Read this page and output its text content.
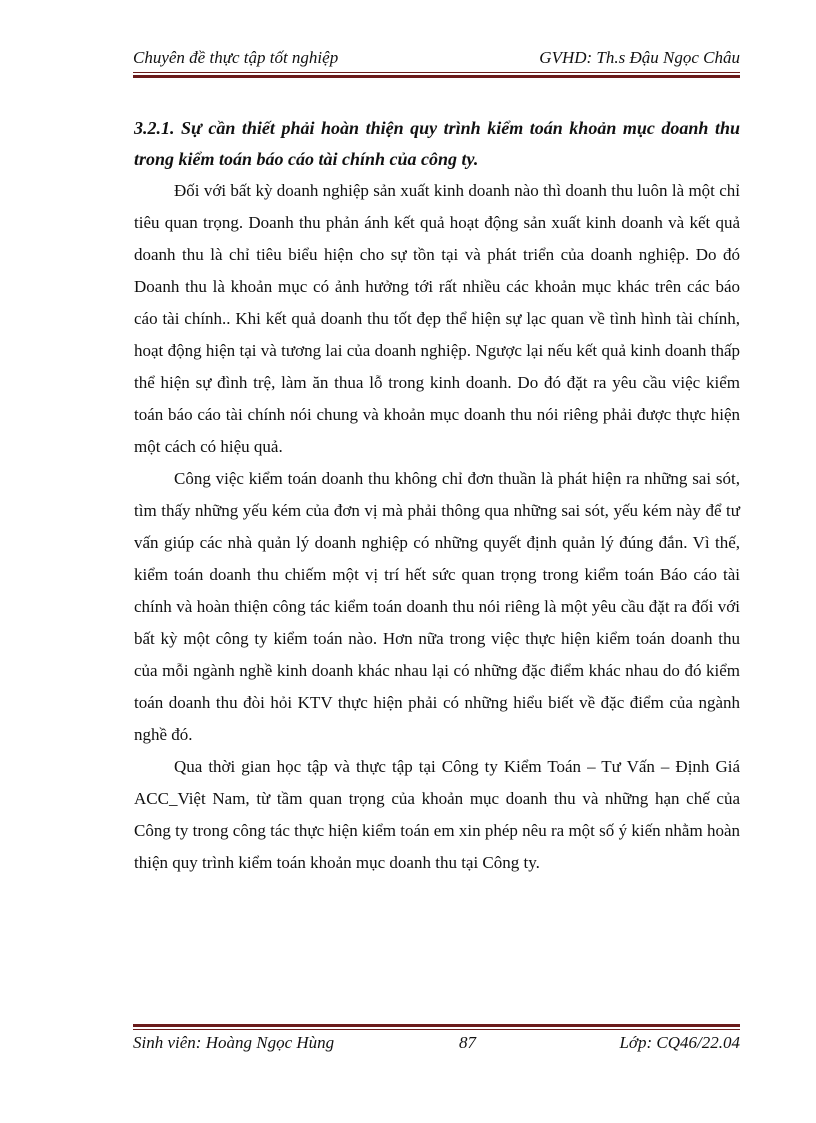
Chuyên đề thực tập tốt nghiệp	GVHD: Th.s Đậu Ngọc Châu

3.2.1. Sự cần thiết phải hoàn thiện quy trình kiểm toán khoản mục doanh thu trong kiểm toán báo cáo tài chính của công ty.

Đối với bất kỳ doanh nghiệp sản xuất kinh doanh nào thì doanh thu luôn là một chỉ tiêu quan trọng. Doanh thu phản ánh kết quả hoạt động sản xuất kinh doanh và kết quả doanh thu là chỉ tiêu biểu hiện cho sự tồn tại và phát triển của doanh nghiệp. Do đó Doanh thu là khoản mục có ảnh hưởng tới rất nhiều các khoản mục khác trên các báo cáo tài chính.. Khi kết quả doanh thu tốt đẹp thể hiện sự lạc quan về tình hình tài chính, hoạt động hiện tại và tương lai của doanh nghiệp. Ngược lại nếu kết quả kinh doanh thấp thể hiện sự đình trệ, làm ăn thua lỗ trong kinh doanh. Do đó đặt ra yêu cầu việc kiểm toán báo cáo tài chính nói chung và khoản mục doanh thu nói riêng phải được thực hiện một cách có hiệu quả.

Công việc kiểm toán doanh thu không chỉ đơn thuần là phát hiện ra những sai sót, tìm thấy những yếu kém của đơn vị mà phải thông qua những sai sót, yếu kém này để tư vấn giúp các nhà quản lý doanh nghiệp có những quyết định quản lý đúng đắn. Vì thế, kiểm toán doanh thu chiếm một vị trí hết sức quan trọng trong kiểm toán Báo cáo tài chính và hoàn thiện công tác kiểm toán doanh thu nói riêng là một yêu cầu đặt ra đối với bất kỳ một công ty kiểm toán nào. Hơn nữa trong việc thực hiện kiểm toán doanh thu của mỗi ngành nghề kinh doanh khác nhau lại có những đặc điểm khác nhau do đó kiểm toán doanh thu đòi hỏi KTV thực hiện phải có những hiểu biết về đặc điểm của ngành nghề đó.

Qua thời gian học tập và thực tập tại Công ty Kiểm Toán – Tư Vấn – Định Giá ACC_Việt Nam, từ tầm quan trọng của khoản mục doanh thu và những hạn chế của Công ty trong công tác thực hiện kiểm toán em xin phép nêu ra một số ý kiến nhằm hoàn thiện quy trình kiểm toán khoản mục doanh thu tại Công ty.

Sinh viên: Hoàng Ngọc Hùng	87	Lớp: CQ46/22.04
